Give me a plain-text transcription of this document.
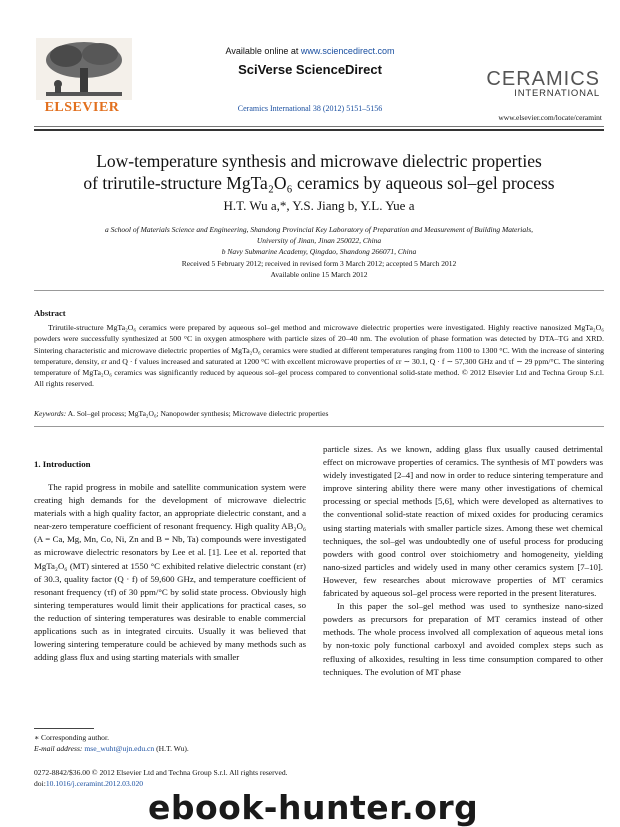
ELSEVIER
Available online at www.sciencedirect.com
SciVerse ScienceDirect
Ceramics International 38 (2012) 5151–5156
CERAMICS
INTERNATIONAL
www.elsevier.com/locate/ceramint
Low-temperature synthesis and microwave dielectric properties
of trirutile-structure MgTa₂O₆ ceramics by aqueous sol–gel process
H.T. Wu a,*, Y.S. Jiang b, Y.L. Yue a
a School of Materials Science and Engineering, Shandong Provincial Key Laboratory of Preparation and Measurement of Building Materials,
University of Jinan, Jinan 250022, China
b Navy Submarine Academy, Qingdao, Shandong 266071, China
Received 5 February 2012; received in revised form 3 March 2012; accepted 5 March 2012
Available online 15 March 2012
Abstract
Trirutile-structure MgTa₂O₆ ceramics were prepared by aqueous sol–gel method and microwave dielectric properties were investigated. Highly reactive nanosized MgTa₂O₆ powders were successfully synthesized at 500 °C in oxygen atmosphere with particle sizes of 20–40 nm. The evolution of phase formation was detected by DTA–TG and XRD. Sintering characteristic and microwave dielectric properties of MgTa₂O₆ ceramics were studied at different temperatures ranging from 1100 to 1300 °C. With the increase of sintering temperature, density, εr and Q · f values increased and saturated at 1200 °C with excellent microwave properties of εr ∼ 30.1, Q · f ∼ 57,300 GHz and τf ∼ 29 ppm/°C. The sintering temperature of MgTa₂O₆ ceramics was significantly reduced by aqueous sol–gel process compared to conventional solid-state method. © 2012 Elsevier Ltd and Techna Group S.r.l. All rights reserved.
Keywords: A. Sol–gel process; MgTa₂O₆; Nanopowder synthesis; Microwave dielectric properties
1. Introduction

The rapid progress in mobile and satellite communication system were creating high demands for the development of microwave dielectric materials with a high quality factor, an appropriate dielectric constant, and a near-zero temperature coefficient of resonant frequency. High quality AB₂O₆ (A = Ca, Mg, Mn, Co, Ni, Zn and B = Nb, Ta) compounds were investigated as microwave dielectric resonators by Lee et al. [1]. Lee et al. reported that MgTa₂O₆ (MT) sintered at 1550 °C exhibited relative dielectric constant (εr) of 30.3, quality factor (Q · f) of 59,600 GHz, and temperature coefficient of resonant frequency (τf) of 30 ppm/°C by solid state process. Obviously high sintering temperatures would limit their applications for practical cases, so the reduction of sintering temperatures was desirable to enable commercial applications such as in integrated circuits. Usually it was believed that lowering sintering temperature could be achieved by many methods such as adding glass flux and using starting materials with smaller

particle sizes. As we known, adding glass flux usually caused detrimental effect on microwave properties of ceramics. The synthesis of MT powders was widely investigated [2–4] and now in order to reduce sintering temperature and improve sintering ability there were many other investigations of chemical processing or special methods [5,6], which were developed as alternatives to the conventional solid-state reaction of mixed oxides for producing ceramics using starting materials with smaller particle sizes. Among these wet chemical techniques, the sol–gel was undoubtedly one of useful process for producing powders with good control over stoichiometry and homogeneity, yielding nano-sized particles and widely used in many other ceramics system [7–10]. However, few researches about microwave properties of MT ceramics fabricated by aqueous sol–gel process were reported in the present literatures.

In this paper the sol–gel method was used to synthesize nano-sized powders as precursors for preparation of MT ceramics instead of other methods. The whole process involved all complexation of aqueous metal ions by non-toxic poly functional carboxyl and avoided complex steps such as refluxing of alkoxides, resulting in less time consumption compared to other techniques. The evolution of MT phase

∗ Corresponding author.
E-mail address: mse_wuht@ujn.edu.cn (H.T. Wu).
0272-8842/$36.00 © 2012 Elsevier Ltd and Techna Group S.r.l. All rights reserved.
doi:10.1016/j.ceramint.2012.03.020
ebook-hunter.org
